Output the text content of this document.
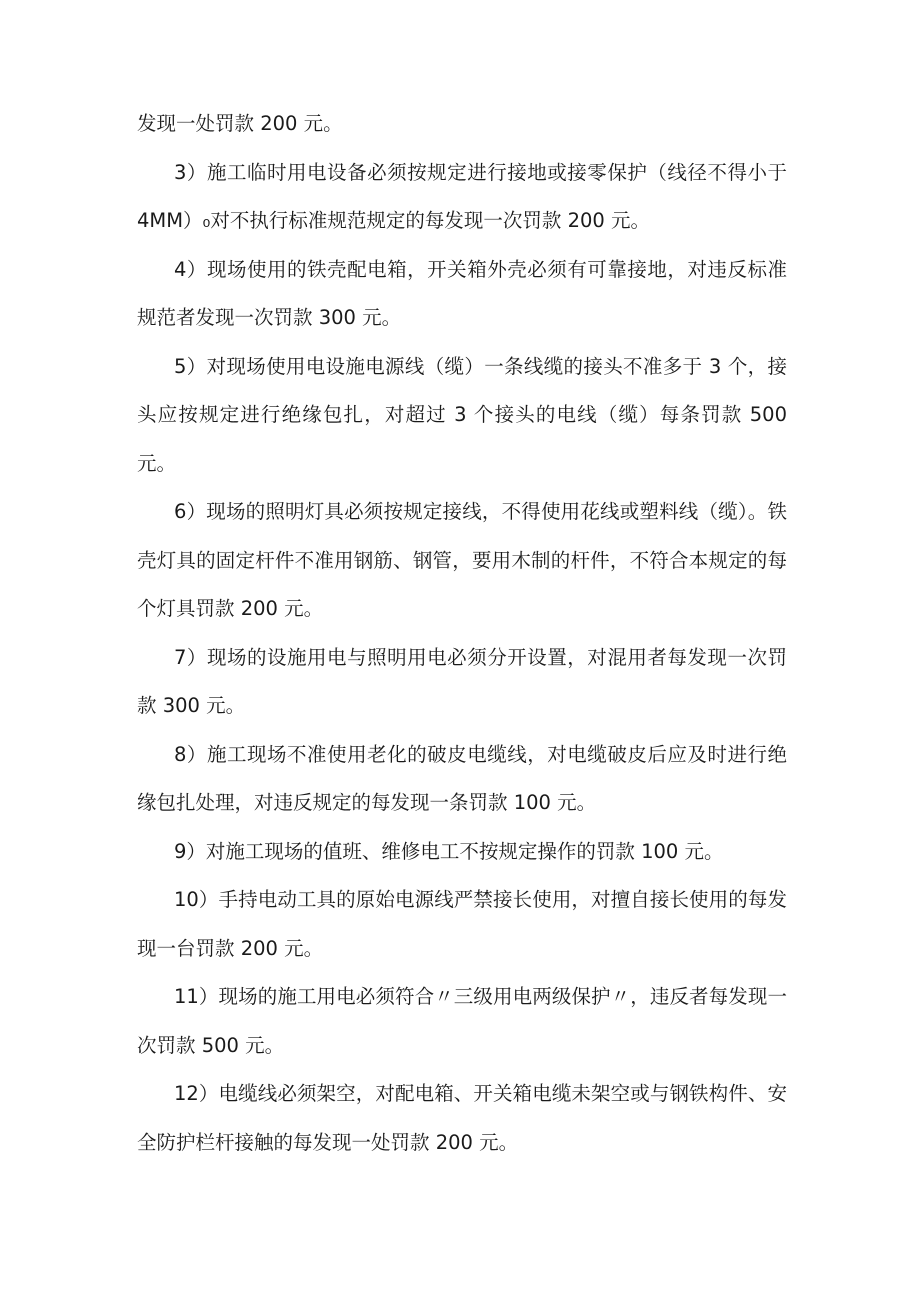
发现一处罚款 200 元。

3）施工临时用电设备必须按规定进行接地或接零保护（线径不得小于 4MM）₀对不执行标准规范规定的每发现一次罚款 200 元。

4）现场使用的铁壳配电箱，开关箱外壳必须有可靠接地，对违反标准规范者发现一次罚款 300 元。

5）对现场使用电设施电源线（缆）一条线缆的接头不准多于 3 个，接头应按规定进行绝缘包扎，对超过 3 个接头的电线（缆）每条罚款 500 元。

6）现场的照明灯具必须按规定接线，不得使用花线或塑料线（缆）。铁壳灯具的固定杆件不准用钢筋、钢管，要用木制的杆件，不符合本规定的每个灯具罚款 200 元。

7）现场的设施用电与照明用电必须分开设置，对混用者每发现一次罚款 300 元。

8）施工现场不准使用老化的破皮电缆线，对电缆破皮后应及时进行绝缘包扎处理，对违反规定的每发现一条罚款 100 元。

9）对施工现场的值班、维修电工不按规定操作的罚款 100 元。

10）手持电动工具的原始电源线严禁接长使用，对擅自接长使用的每发现一台罚款 200 元。

11）现场的施工用电必须符合〃三级用电两级保护〃，违反者每发现一次罚款 500 元。

12）电缆线必须架空，对配电箱、开关箱电缆未架空或与钢铁构件、安全防护栏杆接触的每发现一处罚款 200 元。
